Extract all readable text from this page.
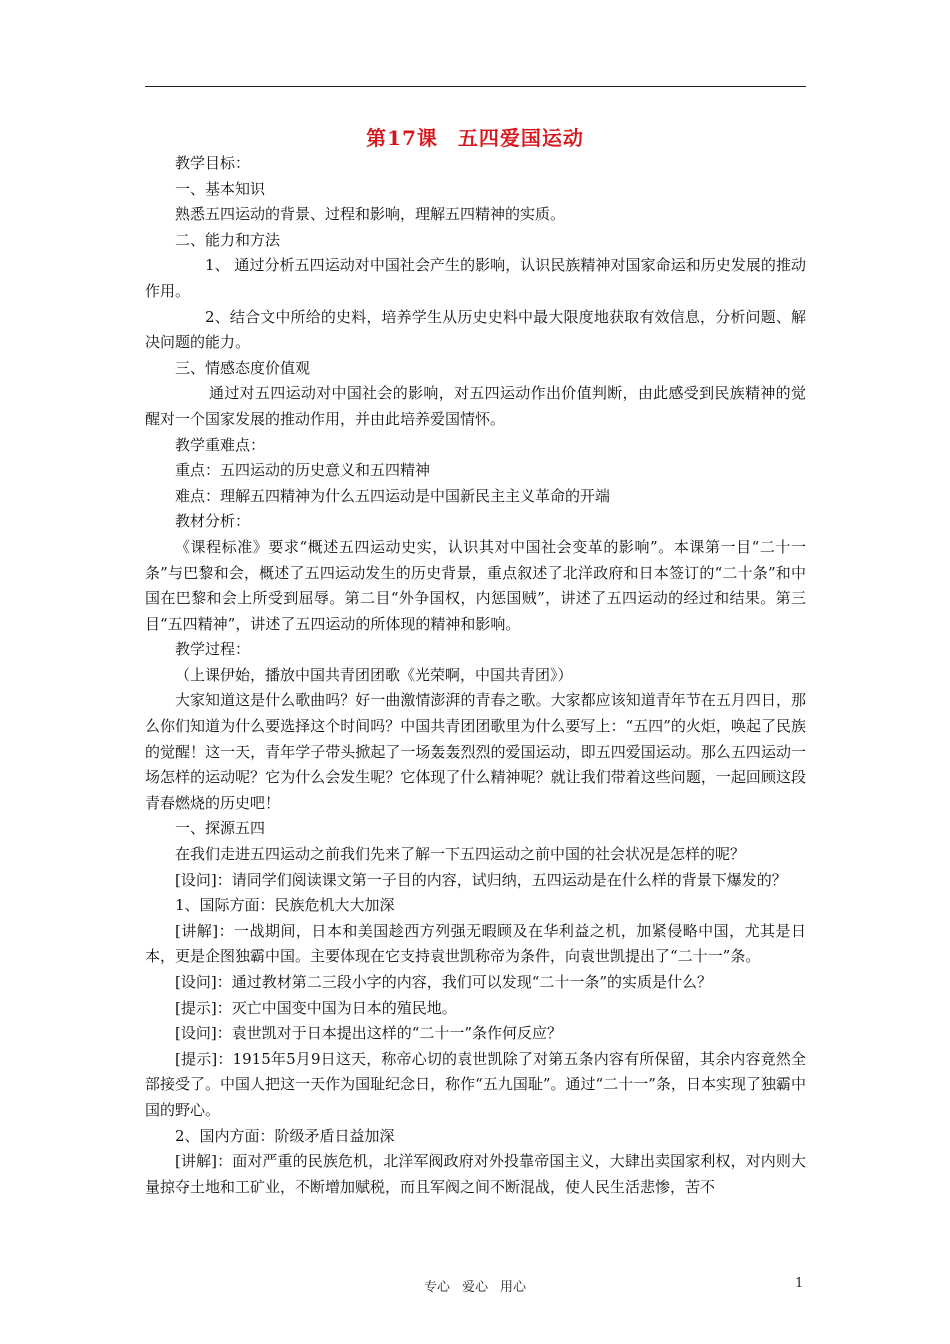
第17课 五四爱国运动

教学目标：

一、基本知识

熟悉五四运动的背景、过程和影响，理解五四精神的实质。

二、能力和方法

1、 通过分析五四运动对中国社会产生的影响，认识民族精神对国家命运和历史发展的推动作用。

2、结合文中所给的史料，培养学生从历史史料中最大限度地获取有效信息，分析问题、解决问题的能力。

三、情感态度价值观

通过对五四运动对中国社会的影响，对五四运动作出价值判断，由此感受到民族精神的觉醒对一个国家发展的推动作用，并由此培养爱国情怀。

教学重难点：

重点：五四运动的历史意义和五四精神

难点：理解五四精神为什么五四运动是中国新民主主义革命的开端

教材分析：

《课程标准》要求“概述五四运动史实，认识其对中国社会变革的影响”。本课第一目“二十一条”与巴黎和会，概述了五四运动发生的历史背景，重点叙述了北洋政府和日本签订的“二十条”和中国在巴黎和会上所受到屈辱。第二目“外争国权，内惩国贼”，讲述了五四运动的经过和结果。第三目“五四精神”，讲述了五四运动的所体现的精神和影响。

教学过程：

（上课伊始，播放中国共青团团歌《光荣啊，中国共青团》）

大家知道这是什么歌曲吗？好一曲激情澎湃的青春之歌。大家都应该知道青年节在五月四日，那么你们知道为什么要选择这个时间吗？中国共青团团歌里为什么要写上：“五四”的火炬，唤起了民族的觉醒！这一天，青年学子带头掀起了一场轰轰烈烈的爱国运动，即五四爱国运动。那么五四运动一场怎样的运动呢？它为什么会发生呢？它体现了什么精神呢？就让我们带着这些问题，一起回顾这段青春燃烧的历史吧！

一、探源五四

在我们走进五四运动之前我们先来了解一下五四运动之前中国的社会状况是怎样的呢？

[设问]：请同学们阅读课文第一子目的内容，试归纳，五四运动是在什么样的背景下爆发的？

1、国际方面：民族危机大大加深

[讲解]：一战期间，日本和美国趁西方列强无暇顾及在华利益之机，加紧侵略中国，尤其是日本，更是企图独霸中国。主要体现在它支持袁世凯称帝为条件，向袁世凯提出了“二十一”条。

[设问]：通过教材第二三段小字的内容，我们可以发现“二十一条”的实质是什么？

[提示]：灭亡中国变中国为日本的殖民地。

[设问]：袁世凯对于日本提出这样的“二十一”条作何反应？

[提示]：1915年5月9日这天，称帝心切的袁世凯除了对第五条内容有所保留，其余内容竟然全部接受了。中国人把这一天作为国耻纪念日，称作“五九国耻”。通过“二十一”条，日本实现了独霸中国的野心。

2、国内方面：阶级矛盾日益加深

[讲解]：面对严重的民族危机，北洋军阀政府对外投靠帝国主义，大肆出卖国家利权，对内则大量掠夺土地和工矿业，不断增加赋税，而且军阀之间不断混战，使人民生活悲惨，苦不

专心 爱心 用心	1
